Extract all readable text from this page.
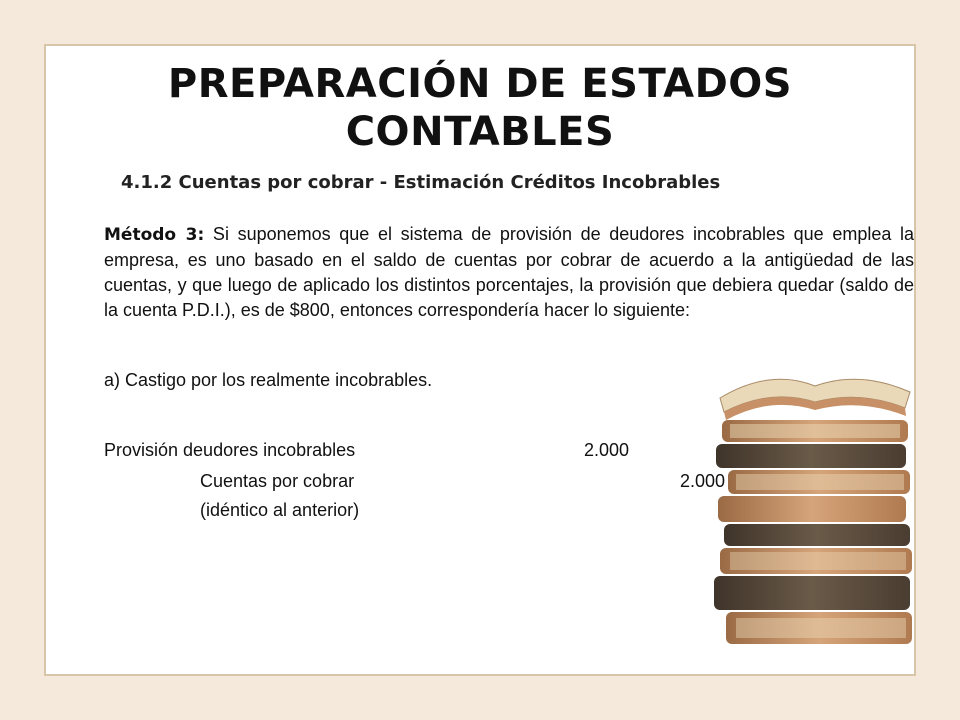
PREPARACIÓN DE ESTADOS
CONTABLES
4.1.2 Cuentas por cobrar - Estimación Créditos Incobrables
Método 3: Si suponemos que el sistema de provisión de deudores incobrables que emplea la empresa, es uno basado en el saldo de cuentas por cobrar de acuerdo a la antigüedad de las cuentas, y que luego de aplicado los distintos porcentajes, la provisión que debiera quedar (saldo de la cuenta P.D.I.), es de $800, entonces correspondería hacer lo siguiente:
a) Castigo por los realmente incobrables.
Provisión deudores incobrables	2.000
Cuentas por cobrar	2.000
(idéntico al anterior)
